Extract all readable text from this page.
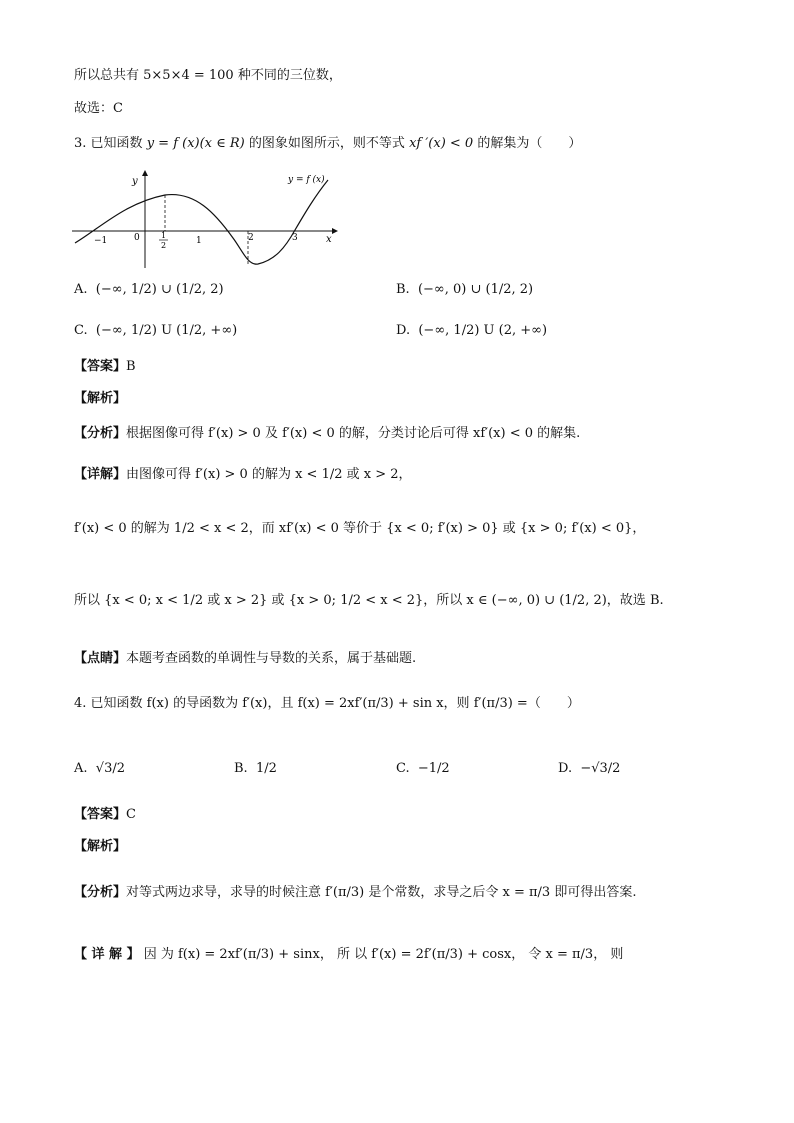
所以总共有 5×5×4 = 100 种不同的三位数，
故选：C
3. 已知函数 y = f (x)(x ∈ R) 的图象如图所示，则不等式 xf ′(x) < 0 的解集为（　　）
y
x
y = f (x)
−1	0	1
2	1	2	3
A. (−∞, 1/2) ∪ (1/2, 2)	B. (−∞, 0) ∪ (1/2, 2)
C. (−∞, 1/2) U (1/2, +∞)	D. (−∞, 1/2) U (2, +∞)
【答案】B
【解析】
【分析】根据图像可得 f′(x) > 0 及 f′(x) < 0 的解，分类讨论后可得 xf′(x) < 0 的解集.
【详解】由图像可得 f′(x) > 0 的解为 x < 1/2 或 x > 2，
f′(x) < 0 的解为 1/2 < x < 2，而 xf′(x) < 0 等价于 {x < 0; f′(x) > 0} 或 {x > 0; f′(x) < 0}，
所以 {x < 0; x < 1/2 或 x > 2} 或 {x > 0; 1/2 < x < 2}，所以 x ∈ (−∞, 0) ∪ (1/2, 2)，故选 B.
【点睛】本题考查函数的单调性与导数的关系，属于基础题.
4. 已知函数 f(x) 的导函数为 f′(x)，且 f(x) = 2xf′(π/3) + sin x，则 f′(π/3) =（　　）
A. √3/2	B. 1/2	C. −1/2	D. −√3/2
【答案】C
【解析】
【分析】对等式两边求导，求导的时候注意 f′(π/3) 是个常数，求导之后令 x = π/3 即可得出答案.
【 详 解 】 因 为 f(x) = 2xf′(π/3) + sinx， 所 以 f′(x) = 2f′(π/3) + cosx， 令 x = π/3， 则
